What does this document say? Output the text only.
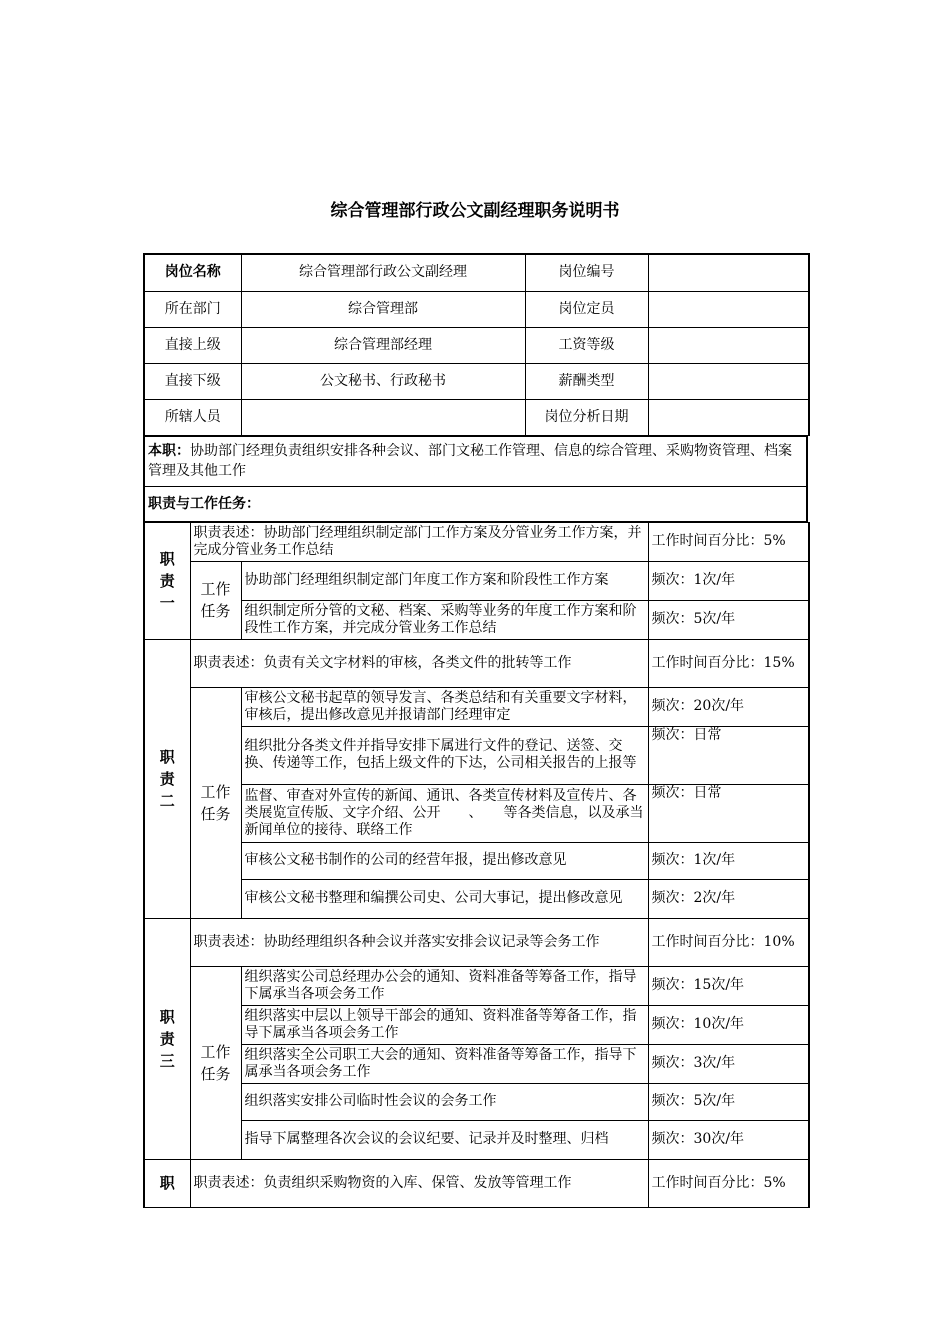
综合管理部行政公文副经理职务说明书
岗位名称	综合管理部行政公文副经理	岗位编号	
所在部门	综合管理部	岗位定员	
直接上级	综合管理部经理	工资等级	
直接下级	公文秘书、行政秘书	薪酬类型	
所辖人员		岗位分析日期	
本职：协助部门经理负责组织安排各种会议、部门文秘工作管理、信息的综合管理、采购物资管理、档案管理及其他工作
职责与工作任务：
职
责
一	职责表述：协助部门经理组织制定部门工作方案及分管业务工作方案，并完成分管业务工作总结		工作时间百分比：5%

	工作
任务	协助部门经理组织制定部门年度工作方案和阶段性工作方案	频次：1次/年
		组织制定所分管的文秘、档案、采购等业务的年度工作方案和阶段性工作方案，并完成分管业务工作总结	频次：5次/年

职
责
二	职责表述：负责有关文字材料的审核，各类文件的批转等工作		工作时间百分比：15%

	工作
任务	审核公文秘书起草的领导发言、各类总结和有关重要文字材料，审核后，提出修改意见并报请部门经理审定	频次：20次/年
		组织批分各类文件并指导安排下属进行文件的登记、送签、交换、传递等工作，包括上级文件的下达，公司相关报告的上报等	频次：日常
		监督、审查对外宣传的新闻、通讯、各类宣传材料及宣传片、各类展览宣传版、文字介绍、公开　　、　　等各类信息，以及承当新闻单位的接待、联络工作	频次：日常
		审核公文秘书制作的公司的经营年报，提出修改意见	频次：1次/年
		审核公文秘书整理和编撰公司史、公司大事记，提出修改意见	频次：2次/年

职
责
三	职责表述：协助经理组织各种会议并落实安排会议记录等会务工作		工作时间百分比：10%

	工作
任务	组织落实公司总经理办公会的通知、资料准备等筹备工作，指导下属承当各项会务工作	频次：15次/年
		组织落实中层以上领导干部会的通知、资料准备等筹备工作，指导下属承当各项会务工作	频次：10次/年
		组织落实全公司职工大会的通知、资料准备等筹备工作，指导下属承当各项会务工作	频次：3次/年
		组织落实安排公司临时性会议的会务工作	频次：5次/年
		指导下属整理各次会议的会议纪要、记录并及时整理、归档	频次：30次/年

职	职责表述：负责组织采购物资的入库、保管、发放等管理工作		工作时间百分比：5%
